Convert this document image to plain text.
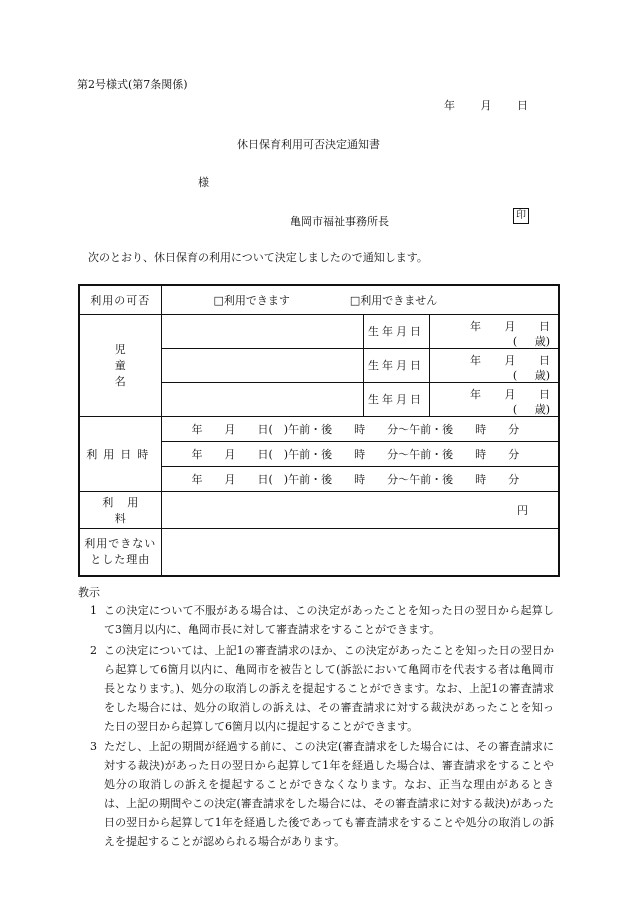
第2号様式(第7条関係)
年 月 日
休日保育利用可否決定通知書
様
亀岡市福祉事務所長	印
次のとおり、休日保育の利用について決定しましたので通知します。
利用の可否	□利用できます □利用できません		
児 童 名		生年月日	年 月 日
( 歳)

		生年月日	年 月 日
( 歳)

		生年月日	年 月 日
( 歳)

利用日時	年　　月　　日(　)午前・後　　時　　分〜午前・後　　時　　分		
	年　　月　　日(　)午前・後　　時　　分〜午前・後　　時　　分		
	年　　月　　日(　)午前・後　　時　　分〜午前・後　　時　　分		
利用料	円		

利用できない
とした理由			

教示
1 この決定について不服がある場合は、この決定があったことを知った日の翌日から起算して3箇月以内に、亀岡市長に対して審査請求をすることができます。
2 この決定については、上記1の審査請求のほか、この決定があったことを知った日の翌日から起算して6箇月以内に、亀岡市を被告として(訴訟において亀岡市を代表する者は亀岡市長となります。)、処分の取消しの訴えを提起することができます。なお、上記1の審査請求をした場合には、処分の取消しの訴えは、その審査請求に対する裁決があったことを知った日の翌日から起算して6箇月以内に提起することができます。
3 ただし、上記の期間が経過する前に、この決定(審査請求をした場合には、その審査請求に対する裁決)があった日の翌日から起算して1年を経過した場合は、審査請求をすることや処分の取消しの訴えを提起することができなくなります。なお、正当な理由があるときは、上記の期間やこの決定(審査請求をした場合には、その審査請求に対する裁決)があった日の翌日から起算して1年を経過した後であっても審査請求をすることや処分の取消しの訴えを提起することが認められる場合があります。
